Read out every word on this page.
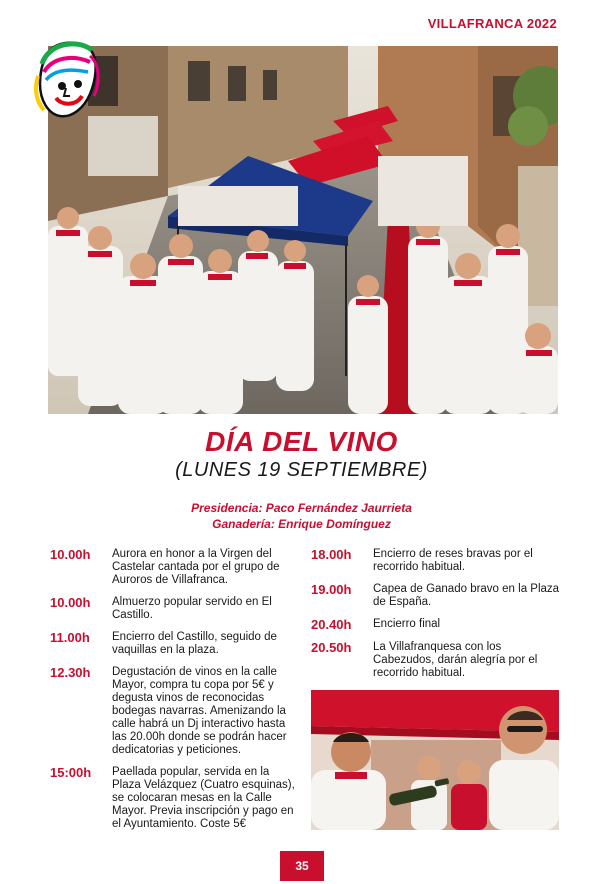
VILLAFRANCA 2022
DÍA DEL VINO
(LUNES 19 SEPTIEMBRE)
Presidencia: Paco Fernández Jaurrieta
Ganadería: Enrique Domínguez
10.00h	Aurora en honor a la Virgen del Castelar cantada por el grupo de Auroros de Villafranca.
10.00h	Almuerzo popular servido en El Castillo.
11.00h	Encierro del Castillo, seguido de vaquillas en la plaza.
12.30h	Degustación de vinos en la calle Mayor, compra tu copa por 5€ y degusta vinos de reconocidas bodegas navarras. Amenizando la calle habrá un Dj interactivo hasta las 20.00h donde se podrán hacer dedicatorias y peticiones.
15:00h	Paellada popular, servida en la Plaza Velázquez (Cuatro esquinas), se colocaran mesas en la Calle Mayor. Previa inscripción y pago en el Ayuntamiento. Coste 5€
18.00h	Encierro de reses bravas por el recorrido habitual.
19.00h	Capea de Ganado bravo en la Plaza de España.
20.40h	Encierro final
20.50h	La Villafranquesa con los Cabezudos, darán alegría por el recorrido habitual.
35
